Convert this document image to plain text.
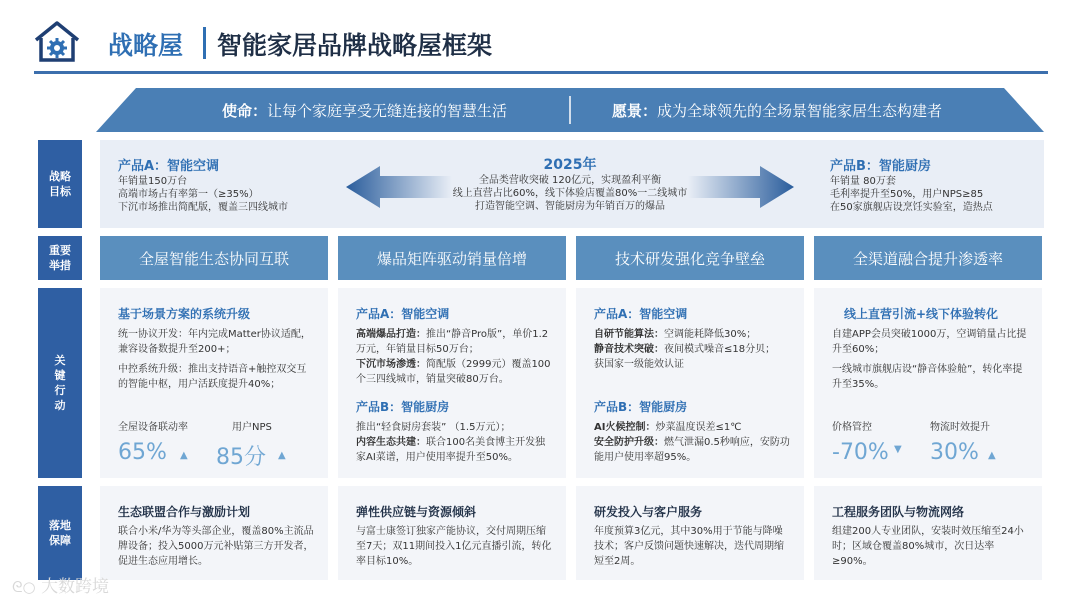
战略屋 智能家居品牌战略屋框架
使命：让每个家庭享受无缝连接的智慧生活	愿景：成为全球领先的全场景智能家居生态构建者
战略
目标
重要
举措
关
键
行
动
落地
保障
产品A：智能空调
年销量150万台
高端市场占有率第一（≥35%）
下沉市场推出简配版，覆盖三四线城市
2025年
全品类营收突破 120亿元，实现盈利平衡
线上直营占比60%，线下体验店覆盖80%一二线城市
打造智能空调、智能厨房为年销百万的爆品
产品B：智能厨房
年销量 80万套
毛利率提升至50%，用户NPS≥85
在50家旗舰店设烹饪实验室，造热点
全屋智能生态协同互联	爆品矩阵驱动销量倍增	技术研发强化竞争壁垒	全渠道融合提升渗透率
基于场景方案的系统升级
统一协议开发：年内完成Matter协议适配，兼容设备数提升至200+；
中控系统升级：推出支持语音+触控双交互的智能中枢，用户活跃度提升40%；
全屋设备联动率	用户NPS
65% ▲ 85分 ▲
产品A：智能空调
高端爆品打造：推出“静音Pro版”，单价1.2万元，年销量目标50万台；
下沉市场渗透：简配版（2999元）覆盖100个三四线城市，销量突破80万台。
产品B：智能厨房
推出“轻食厨房套装” （1.5万元）；
内容生态共建：联合100名美食博主开发独家AI菜谱，用户使用率提升至50%。
产品A：智能空调
自研节能算法：空调能耗降低30%；
静音技术突破：夜间模式噪音≤18分贝；
获国家一级能效认证
产品B：智能厨房
AI火候控制：炒菜温度误差≤1℃
安全防护升级：燃气泄漏0.5秒响应，安防功能用户使用率超95%。
线上直营引流+线下体验转化
自建APP会员突破1000万，空调销量占比提升至60%；
一线城市旗舰店设“静音体验舱”，转化率提升至35%。
价格管控	物流时效提升
-70% ▼ 30% ▲
生态联盟合作与激励计划
联合小米/华为等头部企业，覆盖80%主流品牌设备；投入5000万元补贴第三方开发者，促进生态应用增长。
弹性供应链与资源倾斜
与富士康签订独家产能协议，交付周期压缩至7天；双11期间投入1亿元直播引流，转化率目标10%。
研发投入与客户服务
年度预算3亿元，其中30%用于节能与降噪技术；客户反馈问题快速解决，迭代周期缩短至2周。
工程服务团队与物流网络
组建200人专业团队，安装时效压缩至24小时；区域仓覆盖80%城市，次日达率≥90%。
ᘓ○ 大数跨境
